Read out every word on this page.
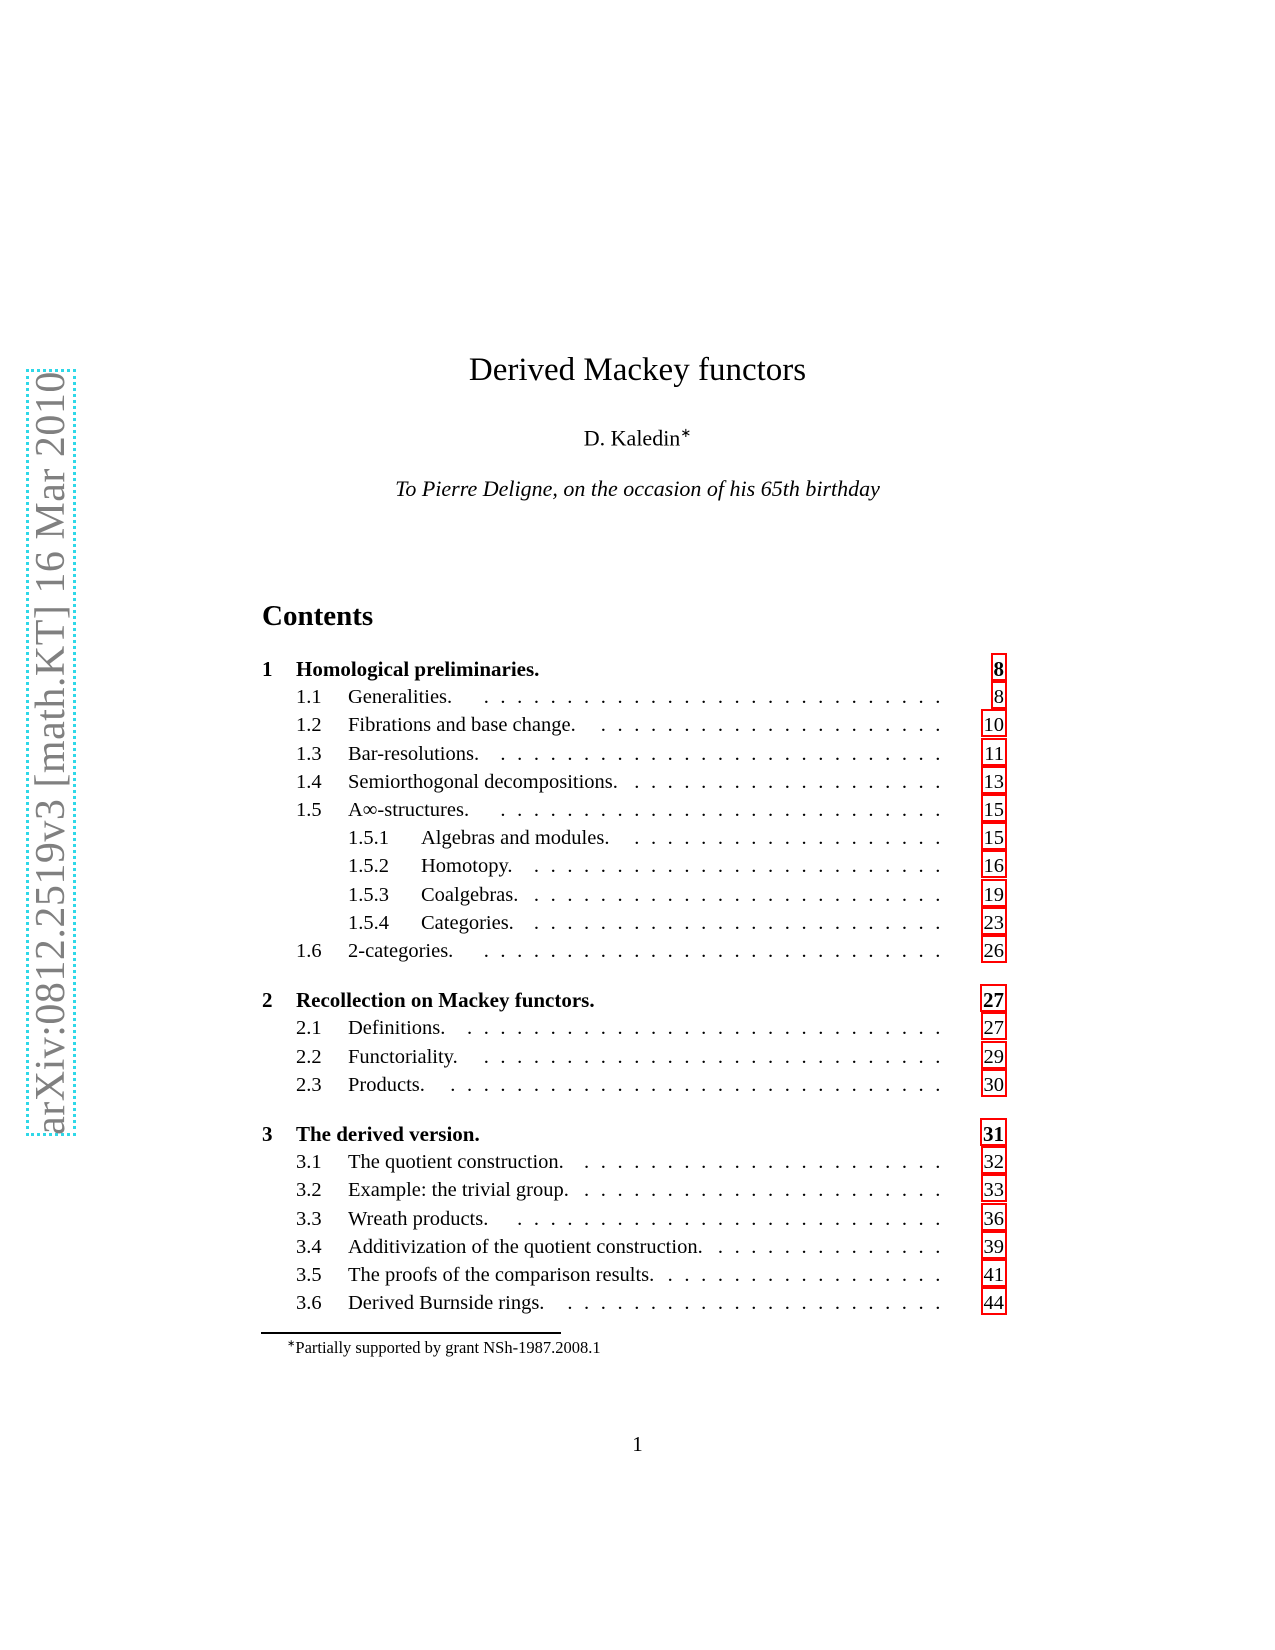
arXiv:0812.2519v3 [math.KT] 16 Mar 2010
Derived Mackey functors
D. Kaledin∗
To Pierre Deligne, on the occasion of his 65th birthday
Contents
1 Homological preliminaries.	8
1.1 Generalities.	............................ 8
1.2 Fibrations and base change.	..................... 10
1.3 Bar-resolutions.	........................... 11
1.4 Semiorthogonal decompositions. ................... 13
1.5 A∞-structures.	........................... 15
1.5.1 Algebras and modules.	................... 15
1.5.2 Homotopy.	......................... 16
1.5.3 Coalgebras. ......................... 19
1.5.4 Categories. ......................... 23
1.6 2-categories.	............................ 26
2 Recollection on Mackey functors.	27
2.1 Definitions.	............................. 27
2.2 Functoriality.	............................ 29
2.3 Products.	.............................. 30
3 The derived version.	31
3.1 The quotient construction. ...................... 32
3.2 Example: the trivial group. ...................... 33
3.3 Wreath products.	.......................... 36
3.4 Additivization of the quotient construction. .............. 39
3.5 The proofs of the comparison results. ................. 41
3.6 Derived Burnside rings.	....................... 44
∗Partially supported by grant NSh-1987.2008.1
1
